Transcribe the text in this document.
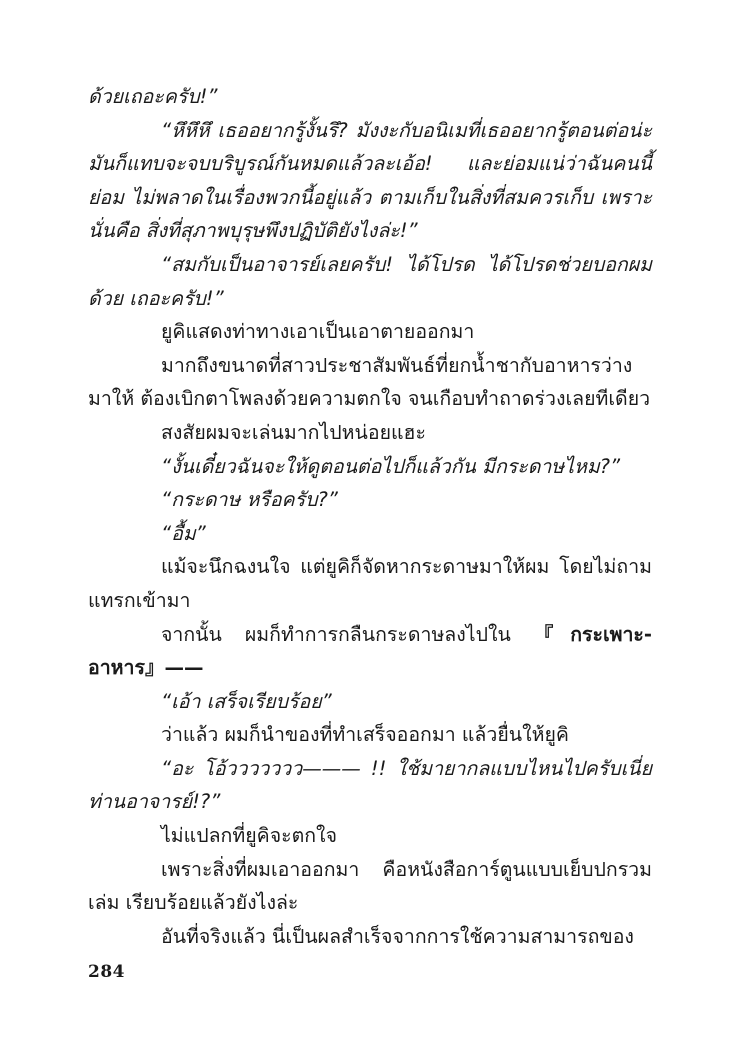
ด้วยเถอะครับ!”

“หึหึหึ เธออยากรู้งั้นรึ? มังงะกับอนิเมที่เธออยากรู้ตอนต่อน่ะ มันก็แทบจะจบบริบูรณ์กันหมดแล้วละเอ้อ! และย่อมแน่ว่าฉันคนนี้ย่อม ไม่พลาดในเรื่องพวกนี้อยู่แล้ว ตามเก็บในสิ่งที่สมควรเก็บ เพราะนั่นคือ สิ่งที่สุภาพบุรุษพึงปฏิบัติยังไงล่ะ!”

“สมกับเป็นอาจารย์เลยครับ! ได้โปรด ได้โปรดช่วยบอกผมด้วย เถอะครับ!”

ยูคิแสดงท่าทางเอาเป็นเอาตายออกมา

มากถึงขนาดที่สาวประชาสัมพันธ์ที่ยกน้ำชากับอาหารว่างมาให้ ต้องเบิกตาโพลงด้วยความตกใจ จนเกือบทำถาดร่วงเลยทีเดียว

สงสัยผมจะเล่นมากไปหน่อยแฮะ

“งั้นเดี๋ยวฉันจะให้ดูตอนต่อไปก็แล้วกัน มีกระดาษไหม?”

“กระดาษ หรือครับ?”

“อื้ม”

แม้จะนึกฉงนใจ แต่ยูคิก็จัดหากระดาษมาให้ผม โดยไม่ถาม แทรกเข้ามา

จากนั้น ผมก็ทำการกลืนกระดาษลงไปใน 『กระเพาะ-อาหาร』——

“เอ้า เสร็จเรียบร้อย”

ว่าแล้ว ผมก็นำของที่ทำเสร็จออกมา แล้วยื่นให้ยูคิ

“อะ โอ้ววววววว——— !! ใช้มายากลแบบไหนไปครับเนี่ย ท่านอาจารย์!?”

ไม่แปลกที่ยูคิจะตกใจ

เพราะสิ่งที่ผมเอาออกมา คือหนังสือการ์ตูนแบบเย็บปกรวมเล่ม เรียบร้อยแล้วยังไงล่ะ

อันที่จริงแล้ว นี่เป็นผลสำเร็จจากการใช้ความสามารถของ

284
